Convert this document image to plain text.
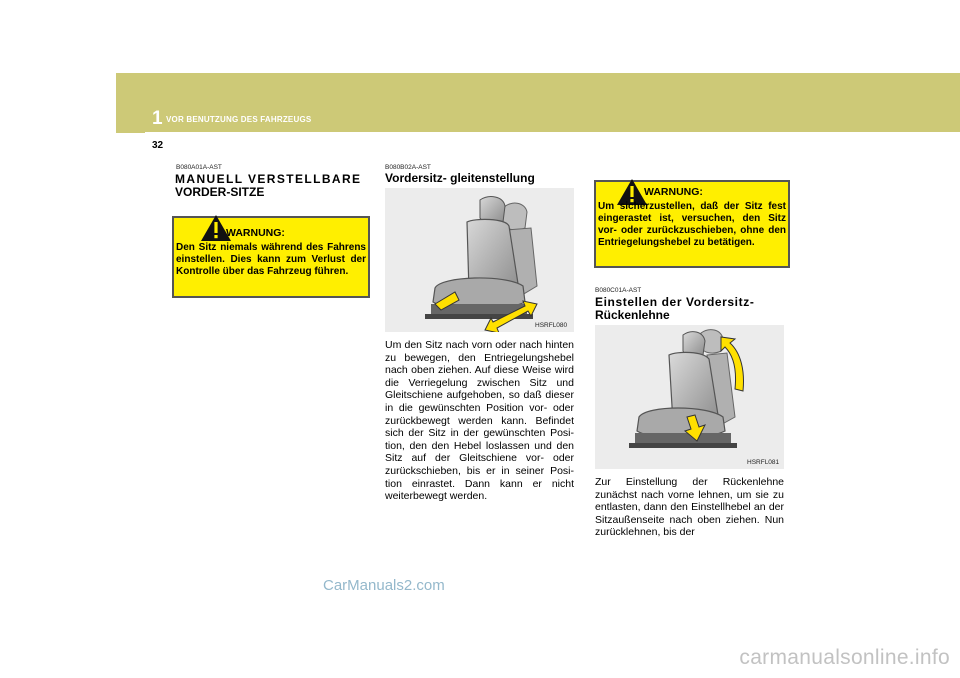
1 VOR BENUTZUNG DES FAHRZEUGS
32
B080A01A-AST
MANUELL VERSTELLBARE
VORDER-SITZE
WARNUNG:
Den Sitz niemals während des Fahrens einstellen. Dies kann zum Verlust der Kontrolle über das Fahrzeug führen.
B080B02A-AST
Vordersitz- gleitenstellung
HSRFL080
Um den Sitz nach vorn oder nach hinten zu bewegen, den Entriegelungshebel nach oben ziehen. Auf diese Weise wird die Verriegelung zwischen Sitz und Gleitschiene aufgehoben, so daß dieser in die gewünschten Position vor- oder zurückbewegt werden kann. Befindet sich der Sitz in der gewünschten Posi-tion, den den Hebel loslassen und den Sitz auf der Gleitschiene vor- oder zurückschieben, bis er in seiner Posi-tion einrastet. Dann kann er nicht weiterbewegt werden.
WARNUNG:
Um sicherzustellen, daß der Sitz fest eingerastet ist, versuchen, den Sitz vor- oder zurückzuschieben, ohne den Entriegelungshebel zu betätigen.
B080C01A-AST
Einstellen der Vordersitz-
Rückenlehne
HSRFL081
Zur Einstellung der Rückenlehne zunächst nach vorne lehnen, um sie zu entlasten, dann den Einstellhebel an der Sitzaußenseite nach oben ziehen. Nun zurücklehnen, bis der
CarManuals2.com
carmanualsonline.info
